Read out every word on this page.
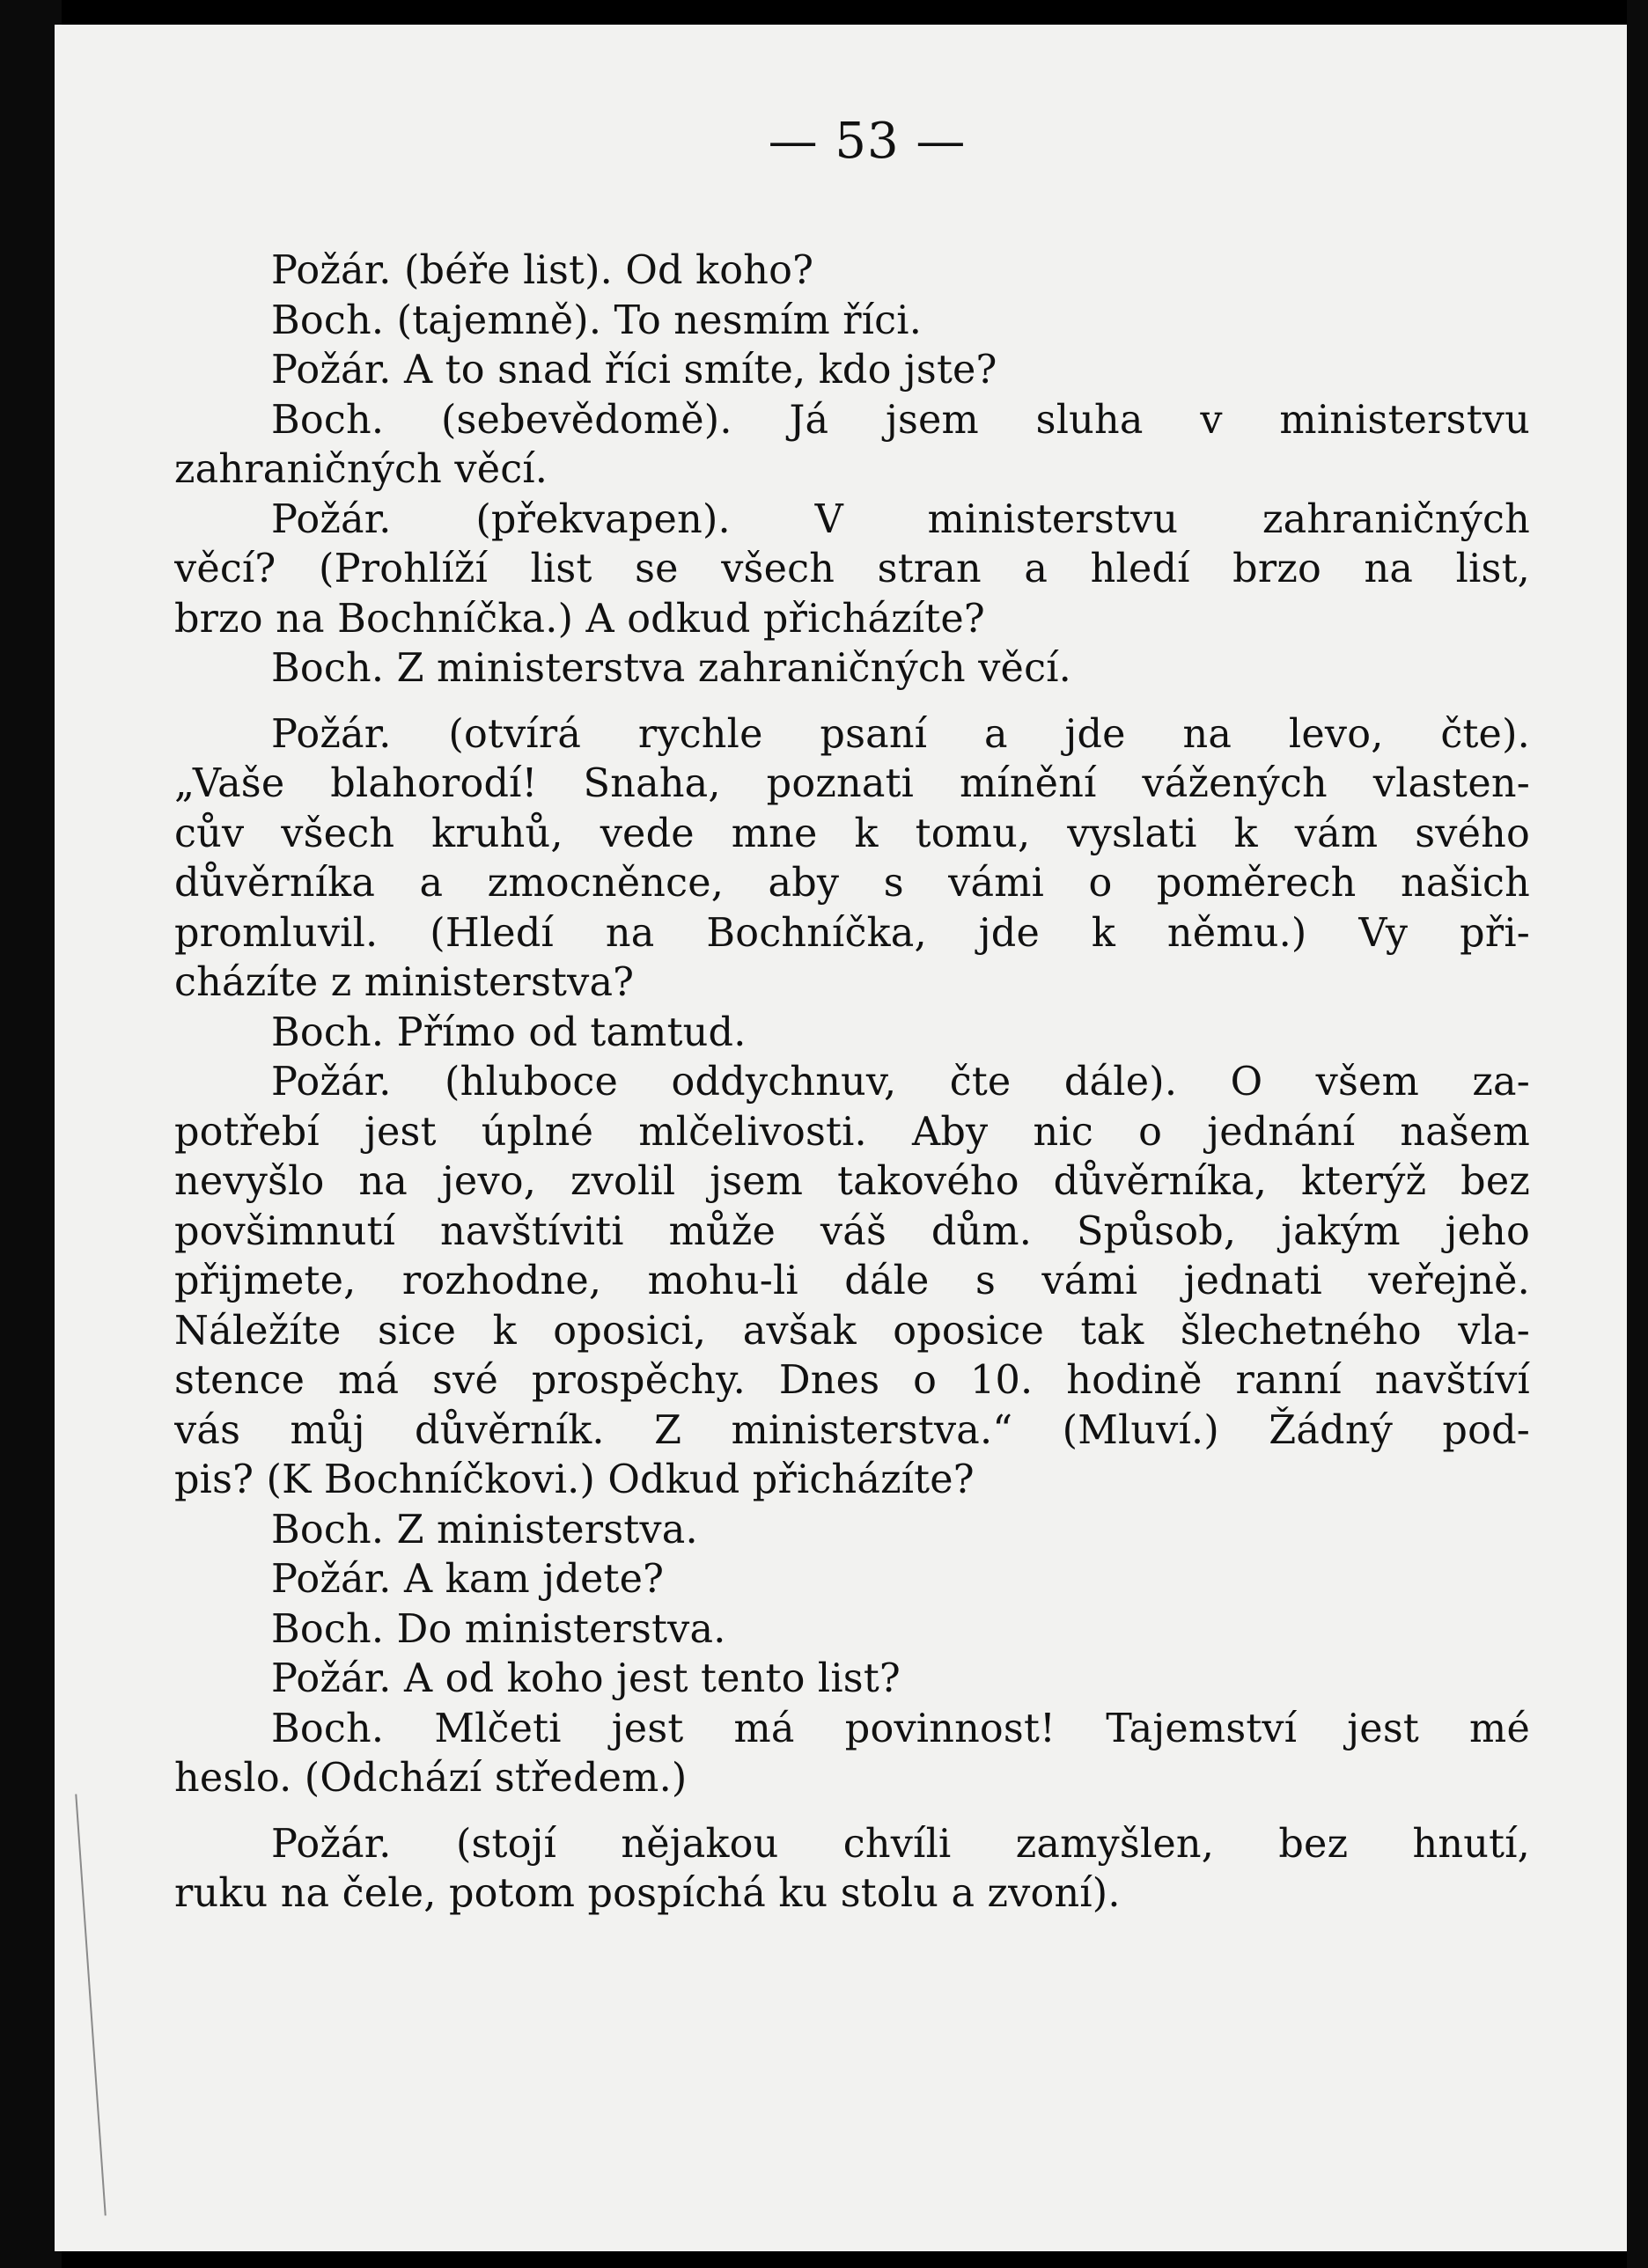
— 53 —
Požár. (béře list). Od koho?
Boch. (tajemně). To nesmím říci.
Požár. A to snad říci smíte, kdo jste?
Boch. (sebevědomě). Já jsem sluha v ministerstvu
zahraničných věcí.
Požár. (překvapen). V ministerstvu zahraničných
věcí? (Prohlíží list se všech stran a hledí brzo na list,
brzo na Bochníčka.) A odkud přicházíte?
Boch. Z ministerstva zahraničných věcí.
Požár. (otvírá rychle psaní a jde na levo, čte).
„Vaše blahorodí! Snaha, poznati mínění vážených vlasten-
cův všech kruhů, vede mne k tomu, vyslati k vám svého
důvěrníka a zmocněnce, aby s vámi o poměrech našich
promluvil. (Hledí na Bochníčka, jde k němu.) Vy při-
cházíte z ministerstva?
Boch. Přímo od tamtud.
Požár. (hluboce oddychnuv, čte dále). O všem za-
potřebí jest úplné mlčelivosti. Aby nic o jednání našem
nevyšlo na jevo, zvolil jsem takového důvěrníka, kterýž bez
povšimnutí navštíviti může váš dům. Spůsob, jakým jeho
přijmete, rozhodne, mohu-li dále s vámi jednati veřejně.
Náležíte sice k oposici, avšak oposice tak šlechetného vla-
stence má své prospěchy. Dnes o 10. hodině ranní navštíví
vás můj důvěrník. Z ministerstva.“ (Mluví.) Žádný pod-
pis? (K Bochníčkovi.) Odkud přicházíte?
Boch. Z ministerstva.
Požár. A kam jdete?
Boch. Do ministerstva.
Požár. A od koho jest tento list?
Boch. Mlčeti jest má povinnost! Tajemství jest mé
heslo. (Odchází středem.)
Požár. (stojí nějakou chvíli zamyšlen, bez hnutí,
ruku na čele, potom pospíchá ku stolu a zvoní).
